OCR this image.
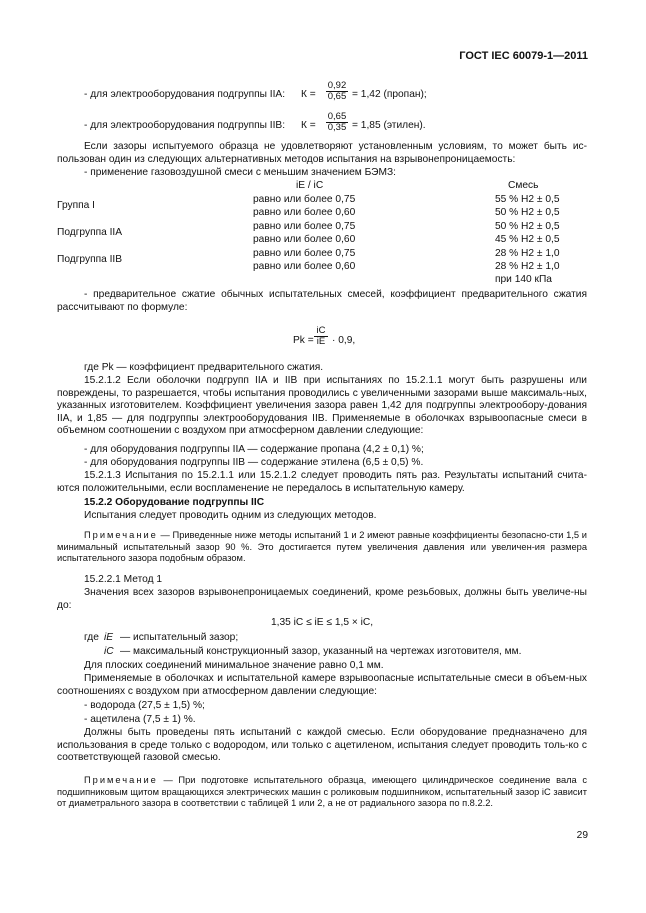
ГОСТ IEC 60079-1—2011
- для электрооборудования подгруппы IIA: $К = \frac{0,92}{0,65} = 1,42$ (пропан);
- для электрооборудования подгруппы IIB: $К = \frac{0,65}{0,35} = 1,85$ (этилен).
Если зазоры испытуемого образца не удовлетворяют установленным условиям, то может быть ис-пользован один из следующих альтернативных методов испытания на взрывонепроницаемость:
- применение газовоздушной смеси с меньшим значением БЭМЗ:
iE / iC	Смесь
Группа I
Подгруппа IIA
Подгруппа IIB
равно или более 0,75
равно или более 0,60
равно или более 0,75
равно или более 0,60
равно или более 0,75
равно или более 0,60
55 % H2 ± 0,5
50 % H2 ± 0,5
50 % H2 ± 0,5
45 % H2 ± 0,5
28 % H2 ± 1,0
28 % H2 ± 1,0
при 140 кПа
- предварительное сжатие обычных испытательных смесей, коэффициент предварительного сжатия рассчитывают по формуле:
$Pk = \frac{iC}{iE} \cdot 0,9$,
где Pk — коэффициент предварительного сжатия.
15.2.1.2 Если оболочки подгрупп IIA и IIB при испытаниях по 15.2.1.1 могут быть разрушены или повреждены, то разрешается, чтобы испытания проводились с увеличенными зазорами выше максималь-ных, указанных изготовителем. Коэффициент увеличения зазора равен 1,42 для подгруппы электрообору-дования IIA, и 1,85 — для подгруппы электрооборудования IIB. Применяемые в оболочках взрывоопасные смеси в объемном соотношении с воздухом при атмосферном давлении следующие:
- для оборудования подгруппы IIA — содержание пропана (4,2 ± 0,1) %;
- для оборудования подгруппы IIB — содержание этилена (6,5 ± 0,5) %.
15.2.1.3 Испытания по 15.2.1.1 или 15.2.1.2 следует проводить пять раз. Результаты испытаний счита-ются положительными, если воспламенение не передалось в испытательную камеру.
15.2.2 Оборудование подгруппы IIC
Испытания следует проводить одним из следующих методов.
Примечание — Приведенные ниже методы испытаний 1 и 2 имеют равные коэффициенты безопасно-сти 1,5 и минимальный испытательный зазор 90 %. Это достигается путем увеличения давления или увеличен-ия размера испытательного зазора подобным образом.
15.2.2.1 Метод 1
Значения всех зазоров взрывонепроницаемых соединений, кроме резьбовых, должны быть увеличе-ны до:
1,35 iC ≤ iE ≤ 1,5 × iC,
где iE — испытательный зазор;
iC — максимальный конструкционный зазор, указанный на чертежах изготовителя, мм.
Для плоских соединений минимальное значение равно 0,1 мм.
Применяемые в оболочках и испытательной камере взрывоопасные испытательные смеси в объем-ных соотношениях с воздухом при атмосферном давлении следующие:
- водорода (27,5 ± 1,5) %;
- ацетилена (7,5 ± 1) %.
Должны быть проведены пять испытаний с каждой смесью. Если оборудование предназначено для использования в среде только с водородом, или только с ацетиленом, испытания следует проводить толь-ко с соответствующей газовой смесью.
Примечание — При подготовке испытательного образца, имеющего цилиндрическое соединение вала с подшипниковым щитом вращающихся электрических машин с роликовым подшипником, испытательный зазор iC зависит от диаметрального зазора в соответствии с таблицей 1 или 2, а не от радиального зазора по п.8.2.2.
29
